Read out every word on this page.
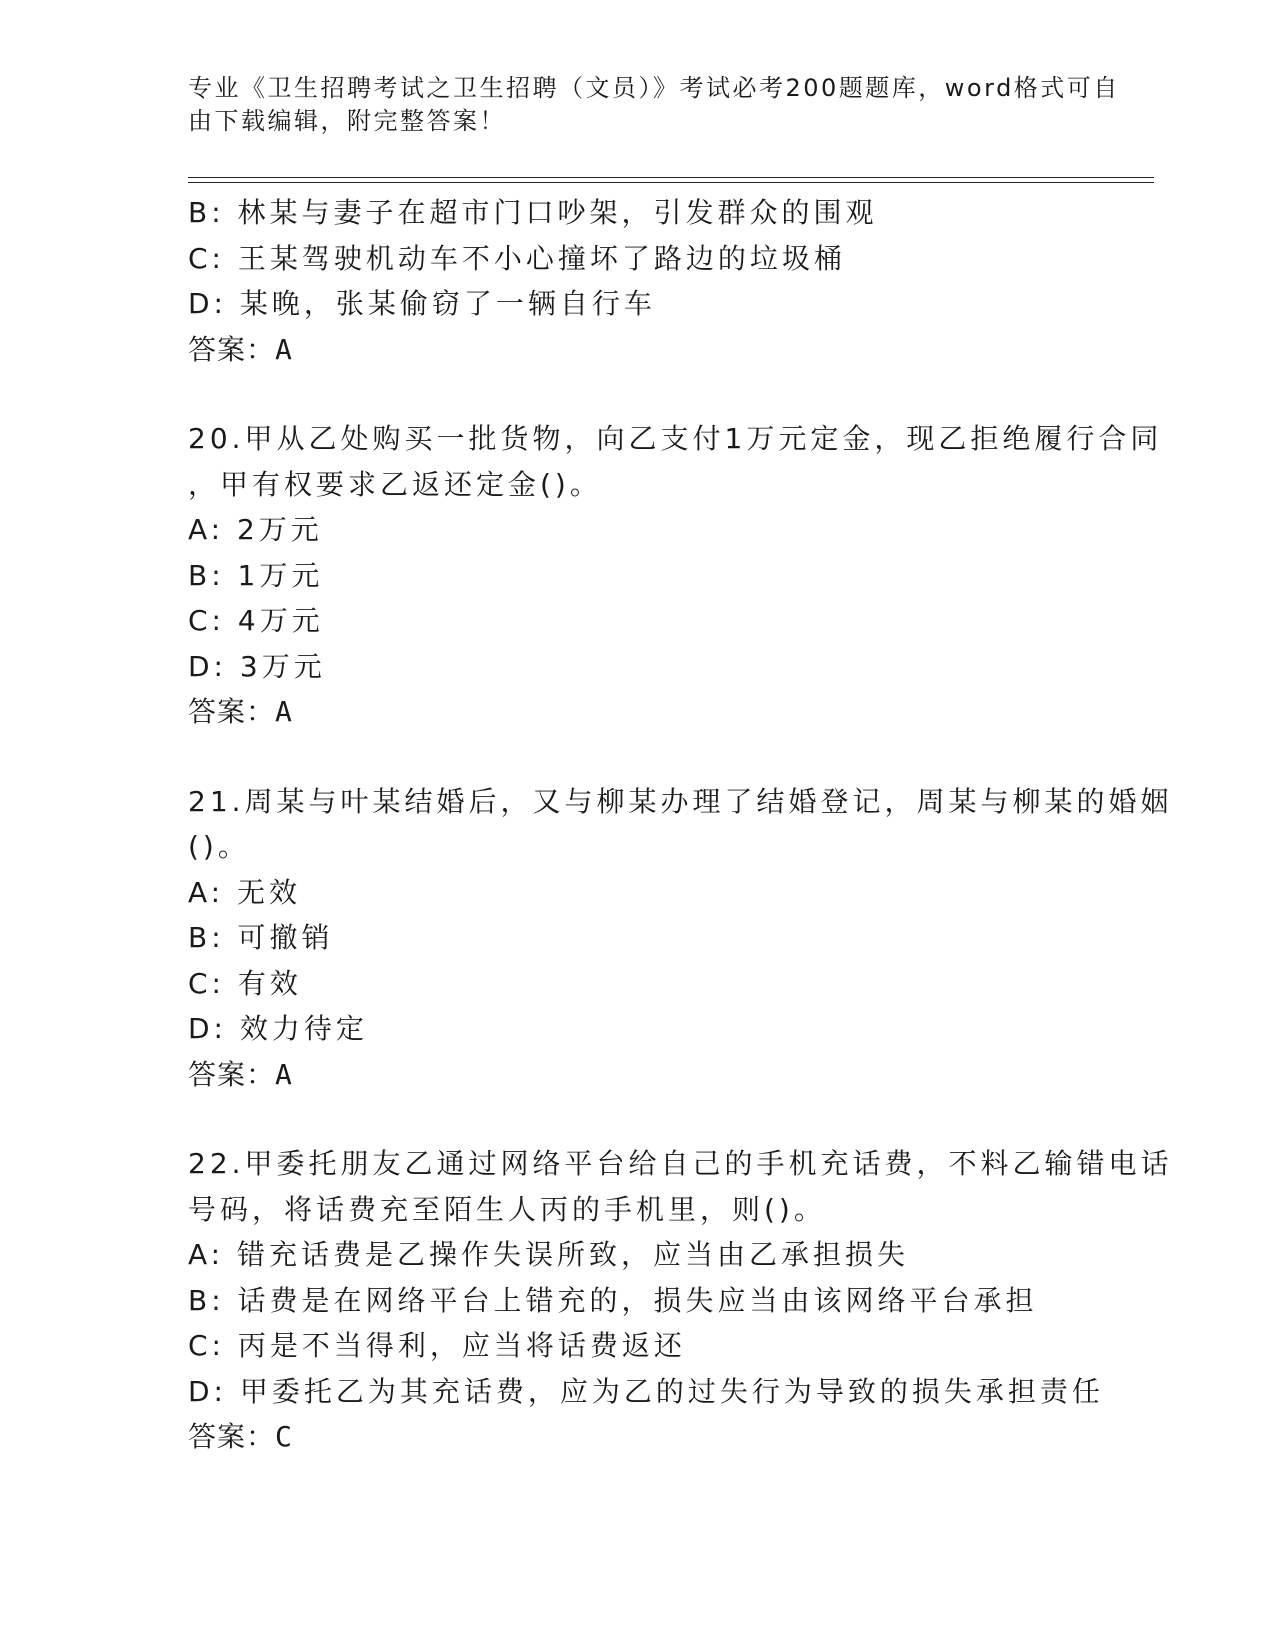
专业《卫生招聘考试之卫生招聘（文员）》考试必考200题题库，word格式可自
由下载编辑，附完整答案！
B: 林某与妻子在超市门口吵架，引发群众的围观
C: 王某驾驶机动车不小心撞坏了路边的垃圾桶
D: 某晚，张某偷窃了一辆自行车
答案：A
20.甲从乙处购买一批货物，向乙支付1万元定金，现乙拒绝履行合同
，甲有权要求乙返还定金()。
A: 2万元
B: 1万元
C: 4万元
D: 3万元
答案：A
21.周某与叶某结婚后，又与柳某办理了结婚登记，周某与柳某的婚姻
()。
A: 无效
B: 可撤销
C: 有效
D: 效力待定
答案：A
22.甲委托朋友乙通过网络平台给自己的手机充话费，不料乙输错电话
号码，将话费充至陌生人丙的手机里，则()。
A: 错充话费是乙操作失误所致，应当由乙承担损失
B: 话费是在网络平台上错充的，损失应当由该网络平台承担
C: 丙是不当得利，应当将话费返还
D: 甲委托乙为其充话费，应为乙的过失行为导致的损失承担责任
答案：C
